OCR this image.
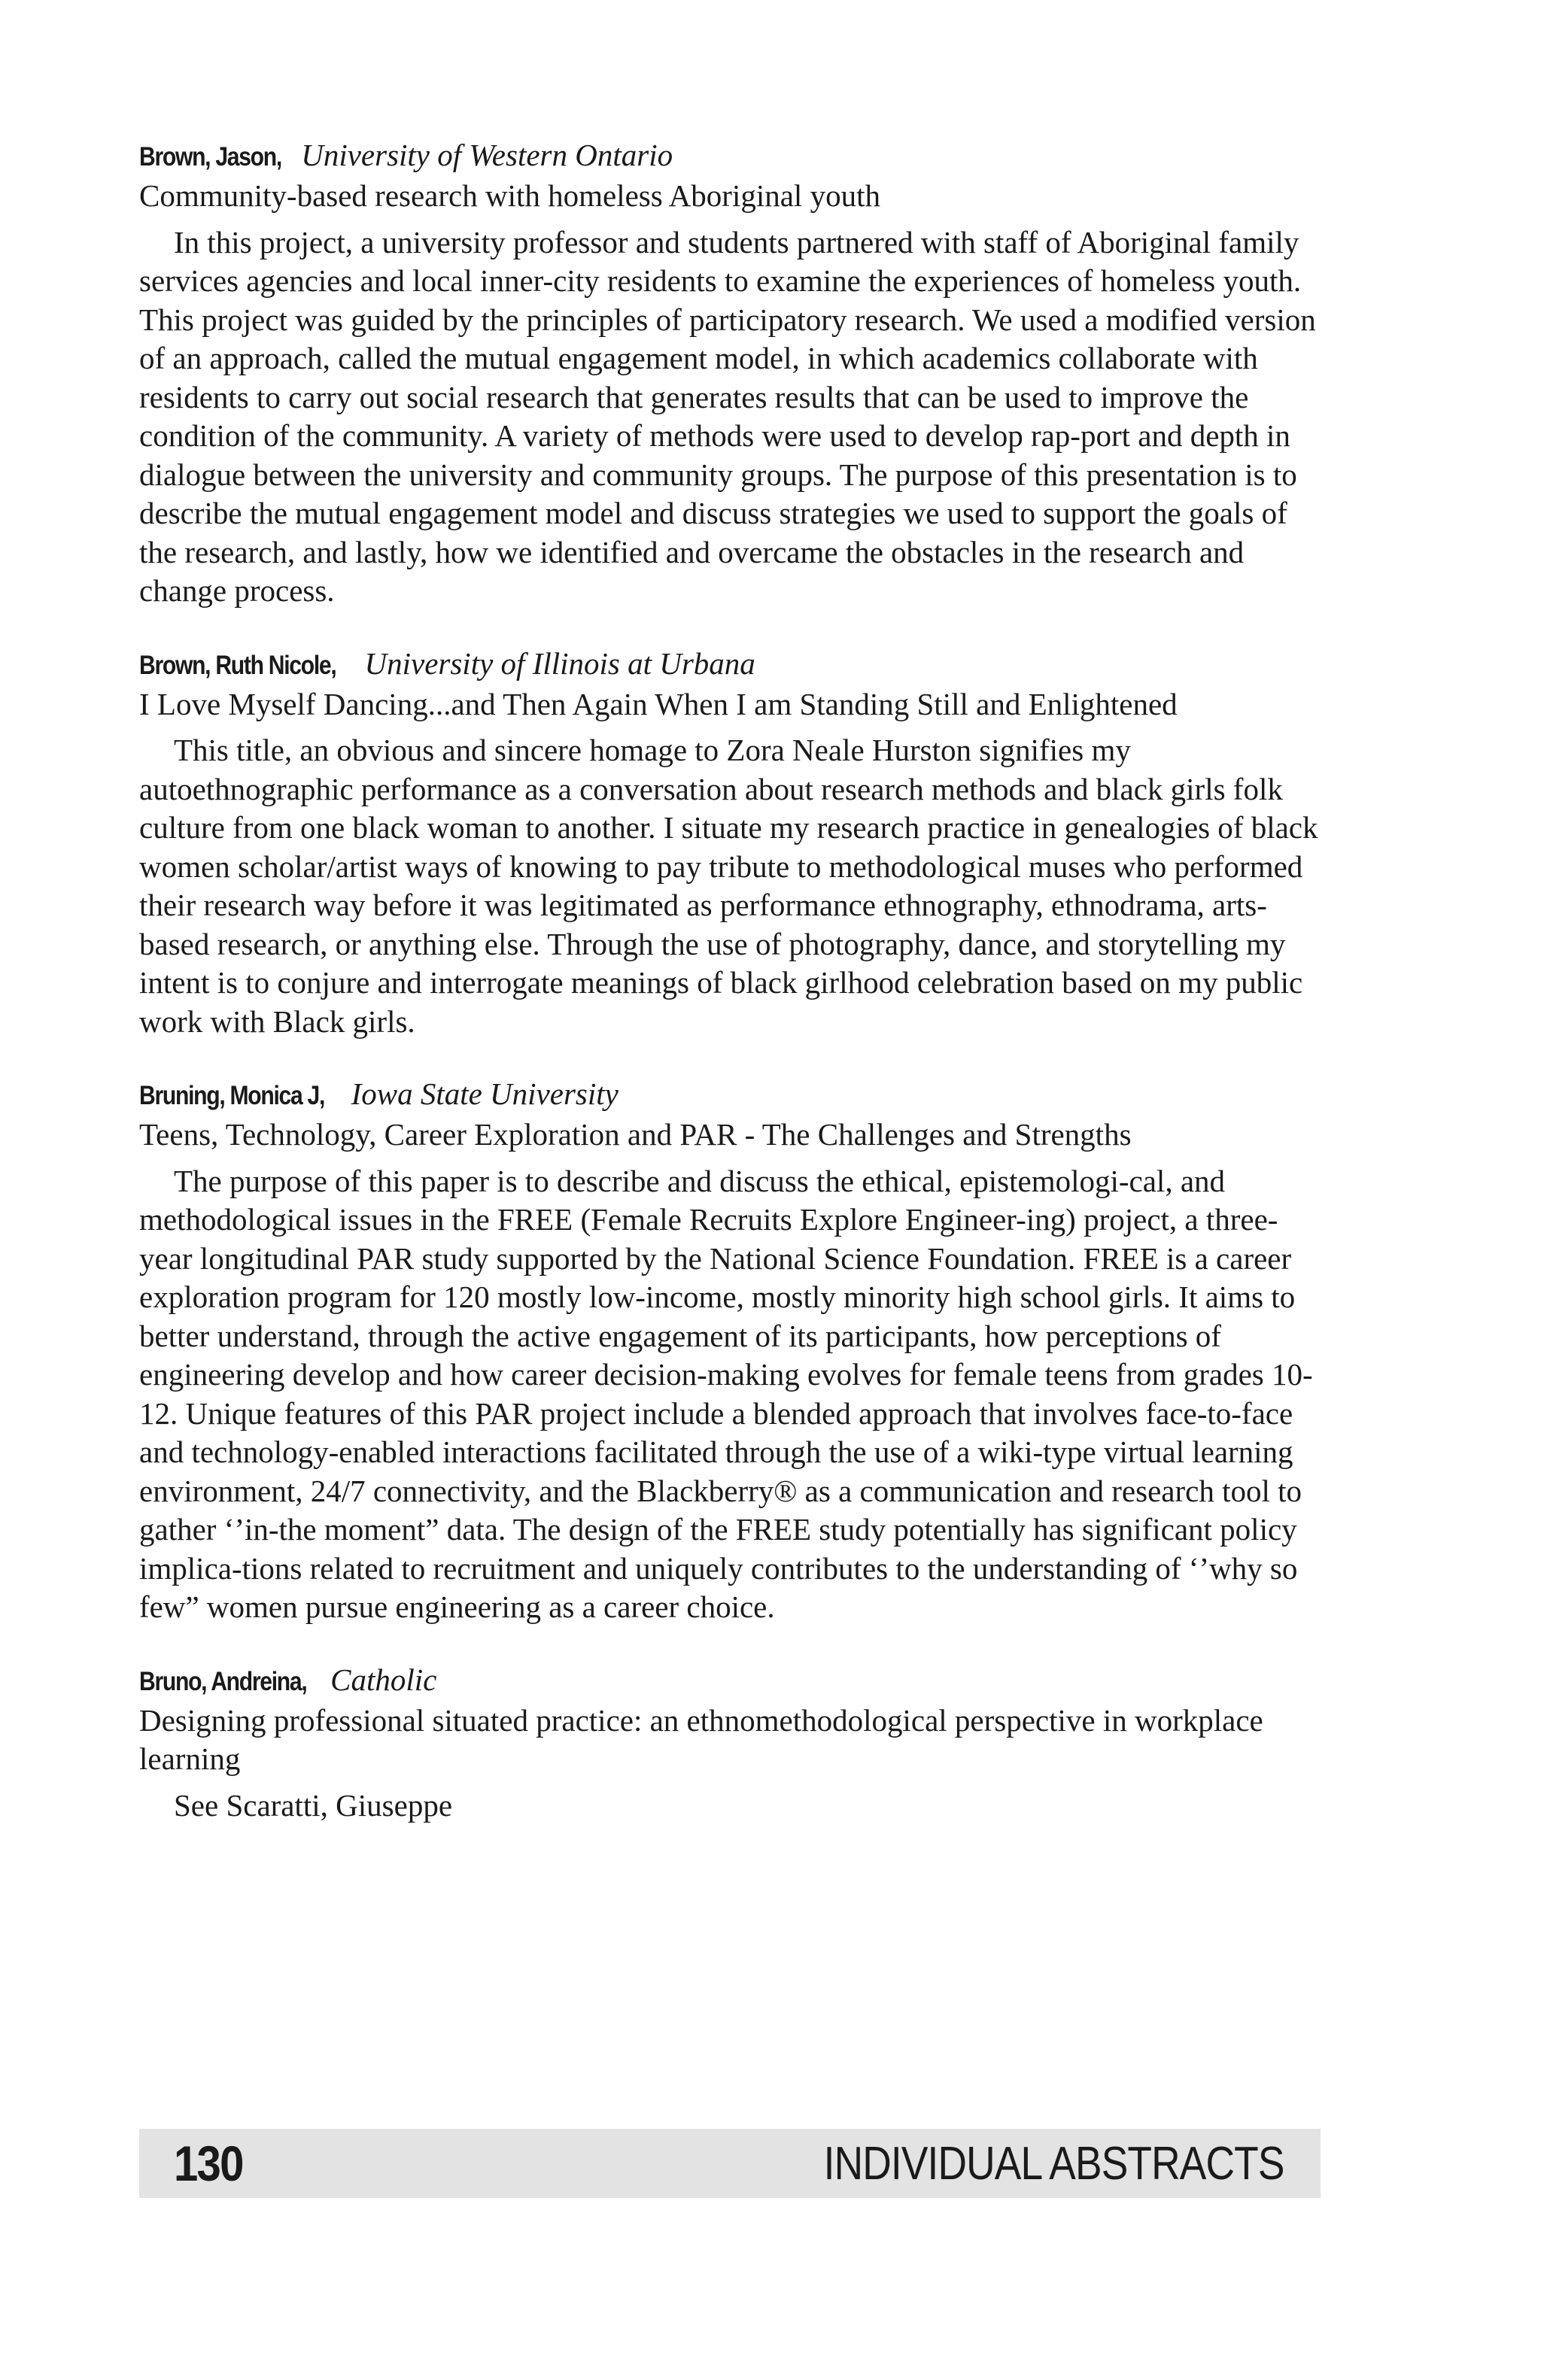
Brown, Jason, University of Western Ontario
Community-based research with homeless Aboriginal youth
In this project, a university professor and students partnered with staff of Aboriginal family services agencies and local inner-city residents to examine the experiences of homeless youth. This project was guided by the principles of participatory research. We used a modified version of an approach, called the mutual engagement model, in which academics collaborate with residents to carry out social research that generates results that can be used to improve the condition of the community. A variety of methods were used to develop rap-port and depth in dialogue between the university and community groups. The purpose of this presentation is to describe the mutual engagement model and discuss strategies we used to support the goals of the research, and lastly, how we identified and overcame the obstacles in the research and change process.
Brown, Ruth Nicole, University of Illinois at Urbana
I Love Myself Dancing...and Then Again When I am Standing Still and Enlightened
This title, an obvious and sincere homage to Zora Neale Hurston signifies my autoethnographic performance as a conversation about research methods and black girls folk culture from one black woman to another. I situate my research practice in genealogies of black women scholar/artist ways of knowing to pay tribute to methodological muses who performed their research way before it was legitimated as performance ethnography, ethnodrama, arts-based research, or anything else. Through the use of photography, dance, and storytelling my intent is to conjure and interrogate meanings of black girlhood celebration based on my public work with Black girls.
Bruning, Monica J, Iowa State University
Teens, Technology, Career Exploration and PAR - The Challenges and Strengths
The purpose of this paper is to describe and discuss the ethical, epistemologi-cal, and methodological issues in the FREE (Female Recruits Explore Engineer-ing) project, a three-year longitudinal PAR study supported by the National Science Foundation. FREE is a career exploration program for 120 mostly low-income, mostly minority high school girls. It aims to better understand, through the active engagement of its participants, how perceptions of engineering develop and how career decision-making evolves for female teens from grades 10-12. Unique features of this PAR project include a blended approach that involves face-to-face and technology-enabled interactions facilitated through the use of a wiki-type virtual learning environment, 24/7 connectivity, and the Blackberry® as a communication and research tool to gather ‘’in-the moment” data. The design of the FREE study potentially has significant policy implica-tions related to recruitment and uniquely contributes to the understanding of ‘’why so few” women pursue engineering as a career choice.
Bruno, Andreina, Catholic
Designing professional situated practice: an ethnomethodological perspective in workplace learning
See Scaratti, Giuseppe
130	INDIVIDUAL ABSTRACTS
